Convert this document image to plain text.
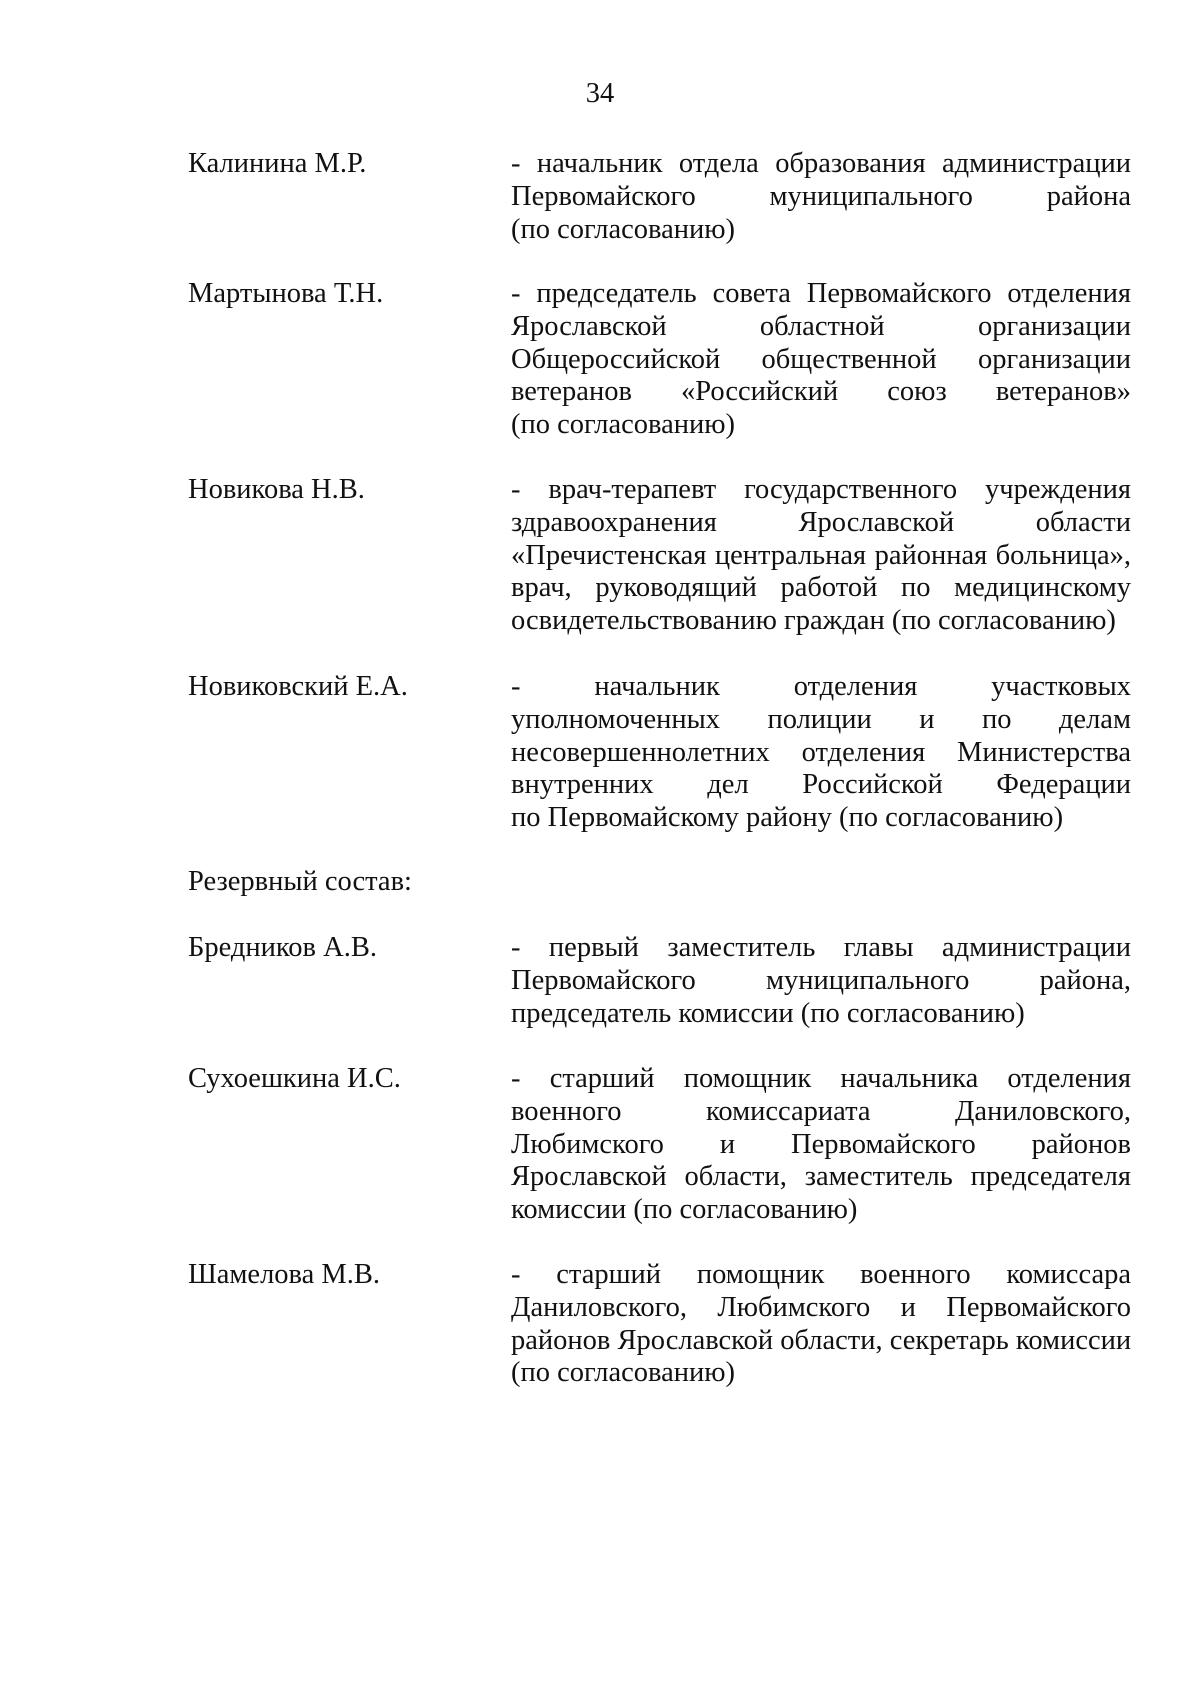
34
Калинина М.Р.	- начальник отдела образования администрации
Первомайского муниципального района
(по согласованию)
Мартынова Т.Н.	- председатель совета Первомайского отделения
Ярославской областной организации
Общероссийской общественной организации
ветеранов «Российский союз ветеранов»
(по согласованию)
Новикова Н.В.	- врач-терапевт государственного учреждения
здравоохранения Ярославской области
«Пречистенская центральная районная больница»,
врач, руководящий работой по медицинскому
освидетельствованию граждан (по согласованию)
Новиковский Е.А.	- начальник отделения участковых
уполномоченных полиции и по делам
несовершеннолетних отделения Министерства
внутренних дел Российской Федерации
по Первомайскому району (по согласованию)
Резервный состав:
Бредников А.В.	- первый заместитель главы администрации
Первомайского муниципального района,
председатель комиссии (по согласованию)
Сухоешкина И.С.	- старший помощник начальника отделения
военного комиссариата Даниловского,
Любимского и Первомайского районов
Ярославской области, заместитель председателя
комиссии (по согласованию)
Шамелова М.В.	- старший помощник военного комиссара
Даниловского, Любимского и Первомайского
районов Ярославской области, секретарь комиссии
(по согласованию)
